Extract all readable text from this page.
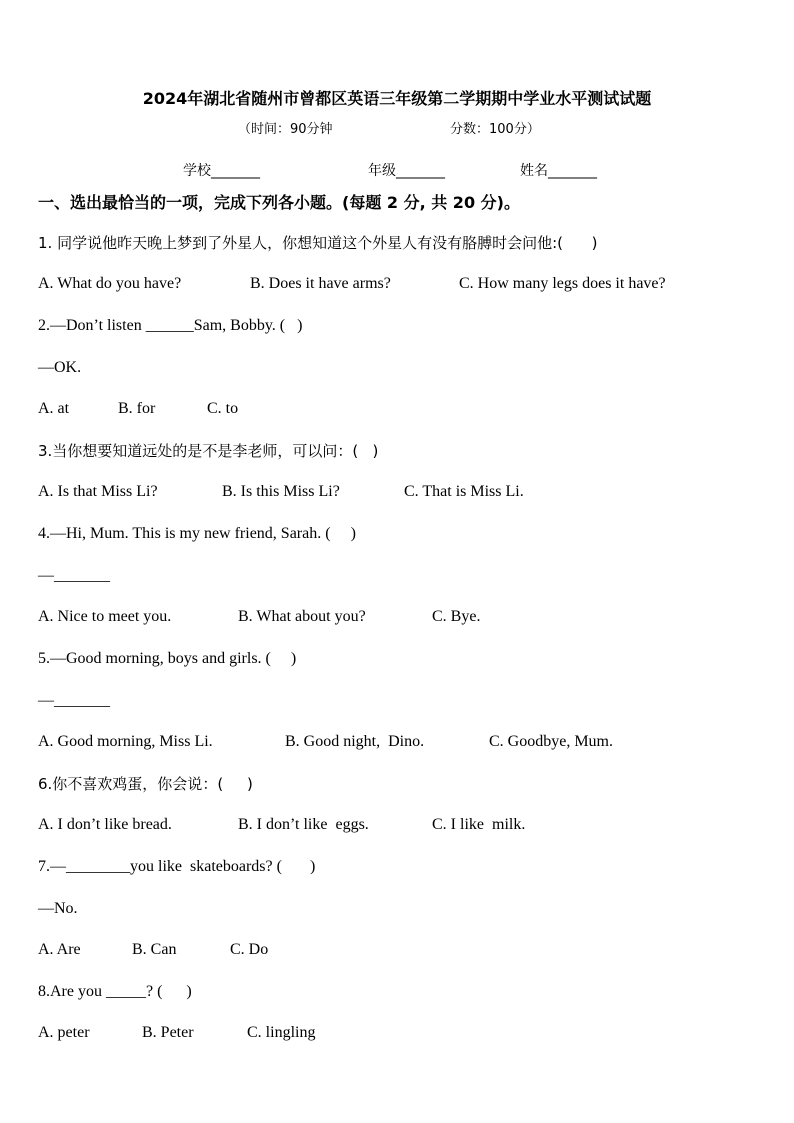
2024年湖北省随州市曾都区英语三年级第二学期期中学业水平测试试题
（时间：90分钟	分数：100分）
学校_______	年级_______	姓名_______
一、选出最恰当的一项，完成下列各小题。(每题 2 分, 共 20 分)。
1. 同学说他昨天晚上梦到了外星人，你想知道这个外星人有没有胳膊时会问他:(      )
A. What do you have?	B. Does it have arms?	C. How many legs does it have?
2.—Don’t listen ______Sam, Bobby. (   )
—OK.
A. at	B. for	C. to
3.当你想要知道远处的是不是李老师，可以问：(   )
A. Is that Miss Li?	B. Is this Miss Li?	C. That is Miss Li.
4.—Hi, Mum. This is my new friend, Sarah. (     )
—_______
A. Nice to meet you.	B. What about you?	C. Bye.
5.—Good morning, boys and girls. (     )
—_______
A. Good morning, Miss Li.	B. Good night,  Dino.	C. Goodbye, Mum.
6.你不喜欢鸡蛋，你会说：(     )
A. I don’t like bread.	B. I don’t like  eggs.	C. I like  milk.
7.—________you like  skateboards? (       )
—No.
A. Are	B. Can	C. Do
8.Are you _____? (      )
A. peter	B. Peter	C. lingling
